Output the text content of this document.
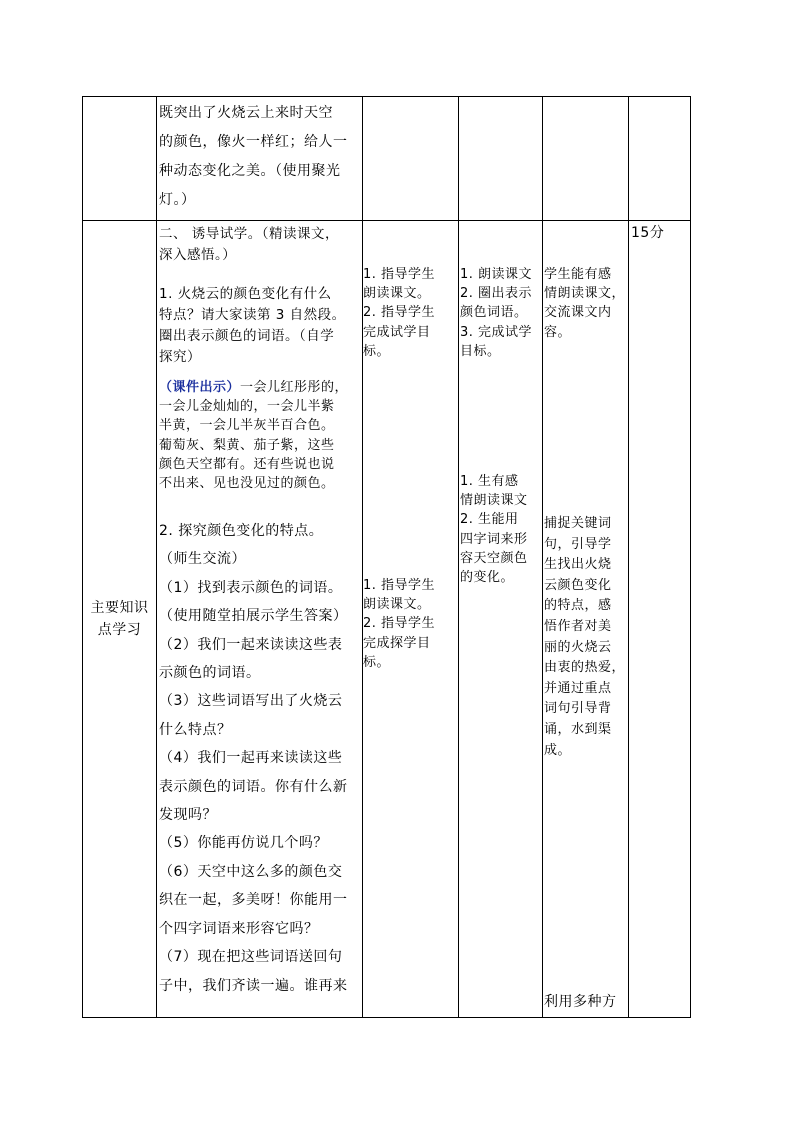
既突出了火烧云上来时天空
的颜色，像火一样红；给人一
种动态变化之美。（使用聚光
灯。）
主要知识
点学习
二、 诱导试学。（精读课文，
深入感悟。）
1. 火烧云的颜色变化有什么
特点？请大家读第 3 自然段。
圈出表示颜色的词语。（自学
探究）
（课件出示）一会儿红彤彤的，
一会儿金灿灿的，一会儿半紫
半黄，一会儿半灰半百合色。
葡萄灰、梨黄、茄子紫，这些
颜色天空都有。还有些说也说
不出来、见也没见过的颜色。
2. 探究颜色变化的特点。
（师生交流）
（1）找到表示颜色的词语。
（使用随堂拍展示学生答案）
（2）我们一起来读读这些表
示颜色的词语。
（3）这些词语写出了火烧云
什么特点？
（4）我们一起再来读读这些
表示颜色的词语。你有什么新
发现吗？
（5）你能再仿说几个吗？
（6）天空中这么多的颜色交
织在一起，多美呀！你能用一
个四字词语来形容它吗？
（7）现在把这些词语送回句
子中，我们齐读一遍。谁再来
1. 指导学生
朗读课文。
2. 指导学生
完成试学目
标。
1. 指导学生
朗读课文。
2. 指导学生
完成探学目
标。
1. 朗读课文
2. 圈出表示
颜色词语。
3. 完成试学
目标。
1. 生有感
情朗读课文
2. 生能用
四字词来形
容天空颜色
的变化。
学生能有感
情朗读课文，
交流课文内
容。
捕捉关键词
句，引导学
生找出火烧
云颜色变化
的特点，感
悟作者对美
丽的火烧云
由衷的热爱，
并通过重点
词句引导背
诵，水到渠
成。
利用多种方
15分
